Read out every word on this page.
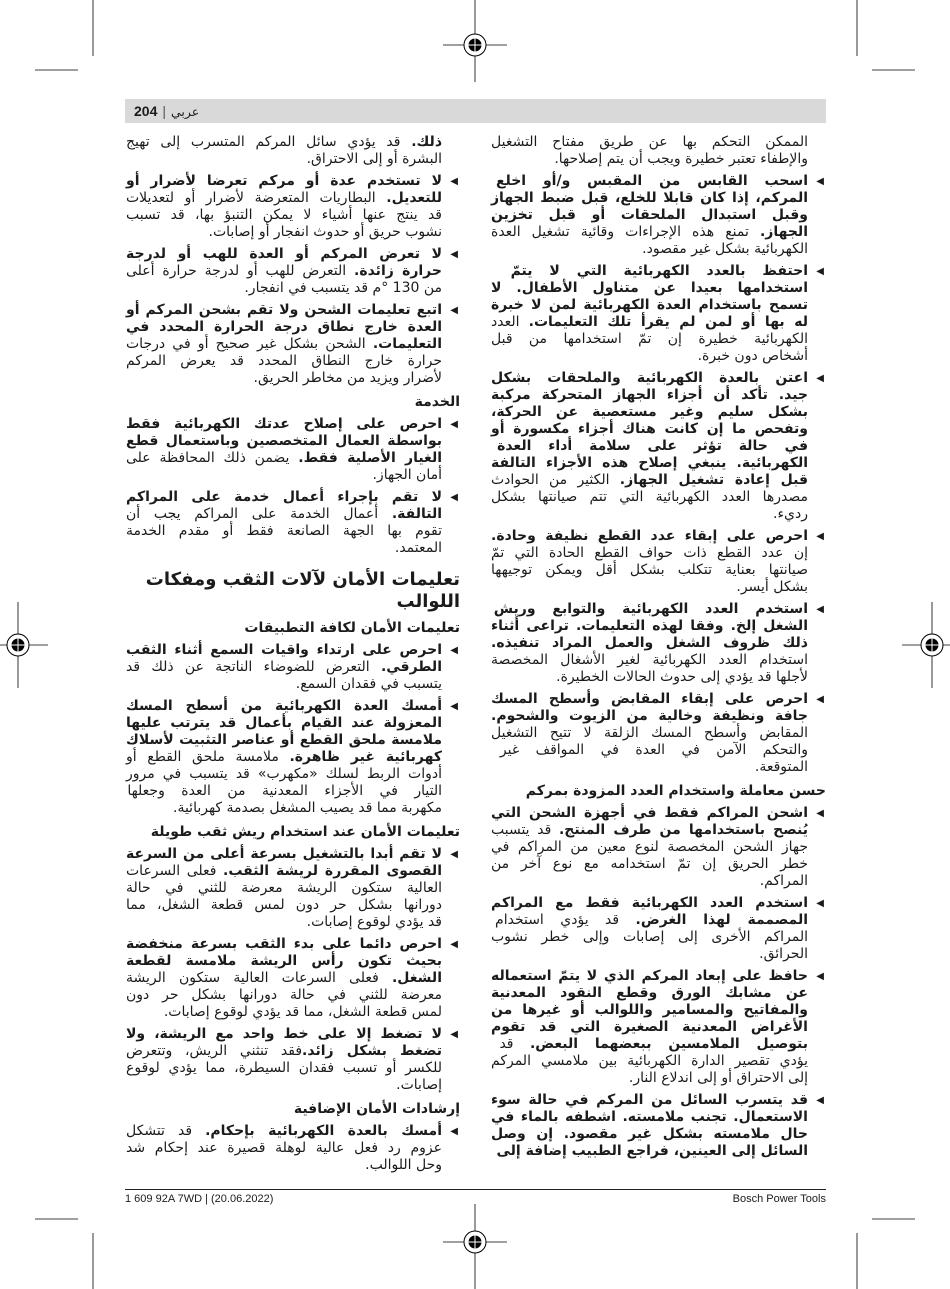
204 | عربي
الممكن التحكم بها عن طريق مفتاح التشغيل
والإطفاء تعتبر خطيرة ويجب أن يتم إصلاحها.
◀
اسحب القابس من المقبس و/أو اخلع
المركم، إذا كان قابلا للخلع، قبل ضبط الجهاز
وقبل استبدال الملحقات أو قبل تخزين
الجهاز. تمنع هذه الإجراءات وقائية تشغيل العدة
الكهربائية بشكل غير مقصود.
◀
احتفظ بالعدد الكهربائية التي لا يتمّ
استخدامها بعيدا عن متناول الأطفال. لا
تسمح باستخدام العدة الكهربائية لمن لا خبرة
له بها أو لمن لم يقرأ تلك التعليمات. العدد
الكهربائية خطيرة إن تمّ استخدامها من قبل
أشخاص دون خبرة.
◀
اعتن بالعدة الكهربائية والملحقات بشكل
جيد. تأكد أن أجزاء الجهاز المتحركة مركبة
بشكل سليم وغير مستعصية عن الحركة،
وتفحص ما إن كانت هناك أجزاء مكسورة أو
في حالة تؤثر على سلامة أداء العدة
الكهربائية. ينبغي إصلاح هذه الأجزاء التالفة
قبل إعادة تشغيل الجهاز. الكثير من الحوادث
مصدرها العدد الكهربائية التي تتم صيانتها بشكل
رديء.
◀
احرص على إبقاء عدد القطع نظيفة وحادة.
إن عدد القطع ذات حواف القطع الحادة التي تمّ
صيانتها بعناية تتكلب بشكل أقل ويمكن توجيهها
بشكل أيسر.
◀
استخدم العدد الكهربائية والتوابع وريش
الشغل إلخ. وفقا لهذه التعليمات. تراعى أثناء
ذلك ظروف الشغل والعمل المراد تنفيذه.
استخدام العدد الكهربائية لغير الأشغال المخصصة
لأجلها قد يؤدي إلى حدوث الحالات الخطيرة.
◀
احرص على إبقاء المقابض وأسطح المسك
جافة ونظيفة وخالية من الزيوت والشحوم.
المقابض وأسطح المسك الزلقة لا تتيح التشغيل
والتحكم الآمن في العدة في المواقف غير
المتوقعة.
حسن معاملة واستخدام العدد المزودة بمركم
◀
اشحن المراكم فقط في أجهزة الشحن التي
يُنصح باستخدامها من طرف المنتج. قد يتسبب
جهاز الشحن المخصصة لنوع معين من المراكم في
خطر الحريق إن تمّ استخدامه مع نوع آخر من
المراكم.
◀
استخدم العدد الكهربائية فقط مع المراكم
المصممة لهذا الغرض. قد يؤدي استخدام
المراكم الأخرى إلى إصابات وإلى خطر نشوب
الحرائق.
◀
حافظ على إبعاد المركم الذي لا يتمّ استعماله
عن مشابك الورق وقطع النقود المعدنية
والمفاتيح والمسامير واللوالب أو غيرها من
الأغراض المعدنية الصغيرة التي قد تقوم
بتوصيل الملامسين ببعضهما البعض. قد
يؤدي تقصير الدارة الكهربائية بين ملامسي المركم
إلى الاحتراق أو إلى اندلاع النار.
◀
قد يتسرب السائل من المركم في حالة سوء
الاستعمال. تجنب ملامسته. اشطفه بالماء في
حال ملامسته بشكل غير مقصود. إن وصل
السائل إلى العينين، فراجع الطبيب إضافة إلى
ذلك. قد يؤدي سائل المركم المتسرب إلى تهيج
البشرة أو إلى الاحتراق.
◀
لا تستخدم عدة أو مركم تعرضا لأضرار أو
للتعديل. البطاريات المتعرضة لأضرار أو لتعديلات
قد ينتج عنها أشياء لا يمكن التنبؤ بها، قد تسبب
نشوب حريق أو حدوث انفجار أو إصابات.
◀
لا تعرض المركم أو العدة للهب أو لدرجة
حرارة زائدة. التعرض للهب أو لدرجة حرارة أعلى
من 130 °م قد يتسبب في انفجار.
◀
اتبع تعليمات الشحن ولا تقم بشحن المركم أو
العدة خارج نطاق درجة الحرارة المحدد في
التعليمات. الشحن بشكل غير صحيح أو في درجات
حرارة خارج النطاق المحدد قد يعرض المركم
لأضرار ويزيد من مخاطر الحريق.
الخدمة
◀
احرص على إصلاح عدتك الكهربائية فقط
بواسطة العمال المتخصصين وباستعمال قطع
الغيار الأصلية فقط. يضمن ذلك المحافظة على
أمان الجهاز.
◀
لا تقم بإجراء أعمال خدمة على المراكم
التالفة. أعمال الخدمة على المراكم يجب أن
تقوم بها الجهة الصانعة فقط أو مقدم الخدمة
المعتمد.
تعليمات الأمان لآلات الثقب ومفكات
اللوالب
تعليمات الأمان لكافة التطبيقات
◀
احرص على ارتداء واقيات السمع أثناء الثقب
الطرقي. التعرض للضوضاء الناتجة عن ذلك قد
يتسبب في فقدان السمع.
◀
أمسك العدة الكهربائية من أسطح المسك
المعزولة عند القيام بأعمال قد يترتب عليها
ملامسة ملحق القطع أو عناصر التثبيت لأسلاك
كهربائية غير ظاهرة. ملامسة ملحق القطع أو
أدوات الربط لسلك «مكهرب» قد يتسبب في مرور
التيار في الأجزاء المعدنية من العدة وجعلها
مكهربة مما قد يصيب المشغل بصدمة كهربائية.
تعليمات الأمان عند استخدام ريش ثقب طويلة
◀
لا تقم أبدا بالتشغيل بسرعة أعلى من السرعة
القصوى المقررة لريشة الثقب. فعلى السرعات
العالية ستكون الريشة معرضة للثني في حالة
دورانها بشكل حر دون لمس قطعة الشغل، مما
قد يؤدي لوقوع إصابات.
◀
احرص دائما على بدء الثقب بسرعة منخفضة
بحيث تكون رأس الريشة ملامسة لقطعة
الشغل. فعلى السرعات العالية ستكون الريشة
معرضة للثني في حالة دورانها بشكل حر دون
لمس قطعة الشغل، مما قد يؤدي لوقوع إصابات.
◀
لا تضغط إلا على خط واحد مع الريشة، ولا
تضغط بشكل زائد.فقد تنثني الريش، وتتعرض
للكسر أو تسبب فقدان السيطرة، مما يؤدي لوقوع
إصابات.
إرشادات الأمان الإضافية
◀
أمسك بالعدة الكهربائية بإحكام. قد تتشكل
عزوم رد فعل عالية لوهلة قصيرة عند إحكام شد
وحل اللوالب.
1 609 92A 7WD | (20.06.2022)	Bosch Power Tools
